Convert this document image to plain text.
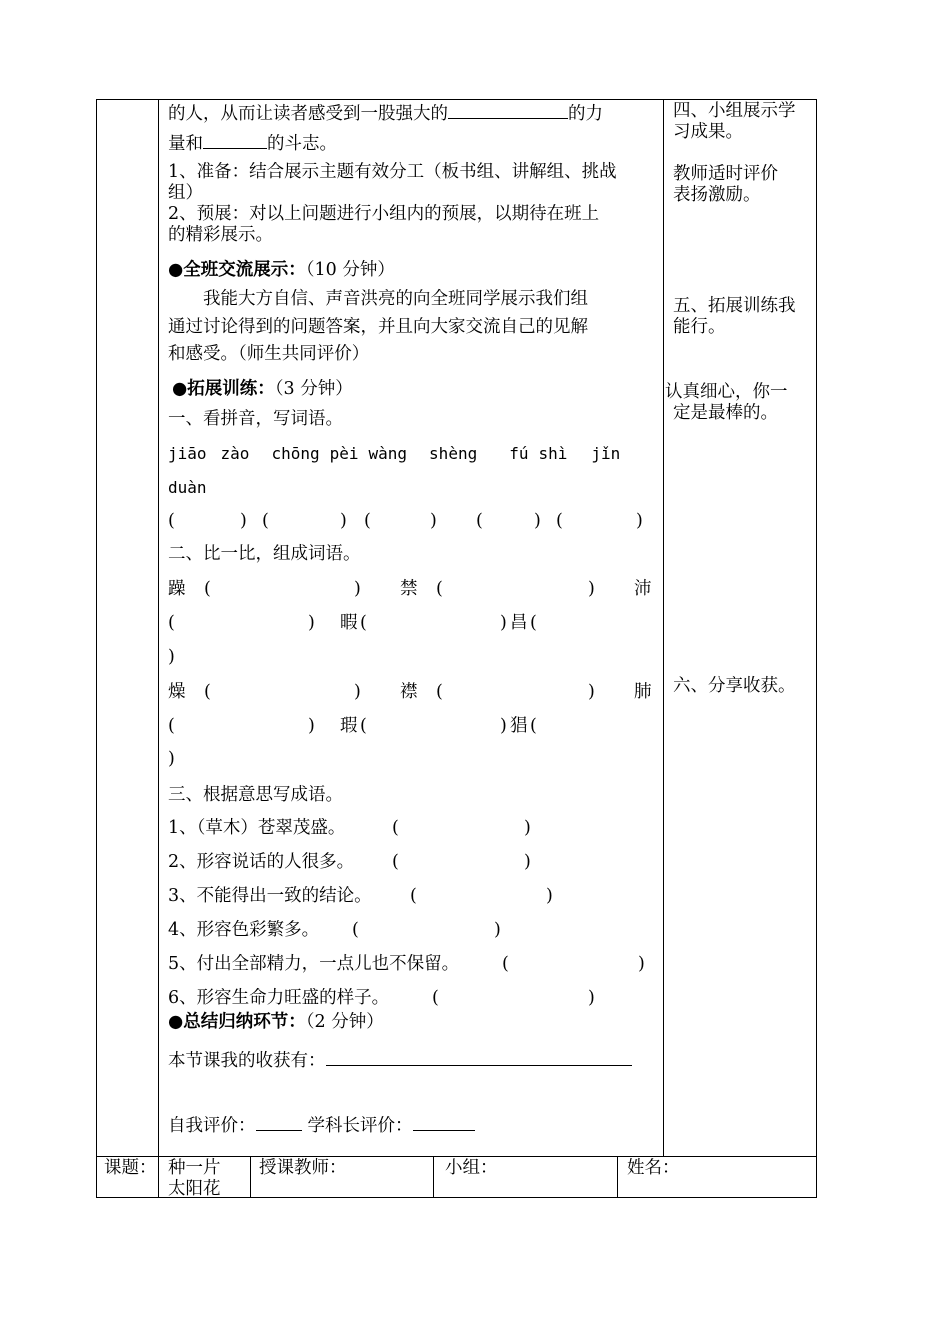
的人，从而让读者感受到一股强大的	的力
量和	的斗志。
1、准备：结合展示主题有效分工（板书组、讲解组、挑战
组）
2、预展：对以上问题进行小组内的预展，以期待在班上
的精彩展示。
●全班交流展示：（10 分钟）
　　我能大方自信、声音洪亮的向全班同学展示我们组
通过讨论得到的问题答案，并且向大家交流自己的见解
和感受。（师生共同评价）
●拓展训练：（3 分钟）
一、看拼音，写词语。
jiāo zào chōng pèi wàng shèng fú shì jǐn
duàn
(	) (	) (	) (	) (	)
二、比一比，组成词语。
躁 (	) 禁 (	) 沛
(	) 暇 (	) 昌 (
)
燥 (	) 襟 (	) 肺
(	) 瑕 (	) 猖 (
)
三、根据意思写成语。
1、（草木）苍翠茂盛。	(	)
2、形容说话的人很多。 (	)
3、不能得出一致的结论。 (	)
4、形容色彩繁多。 (	)
5、付出全部精力，一点儿也不保留。 (	)
6、形容生命力旺盛的样子。 (	)
●总结归纳环节：（2 分钟）
本节课我的收获有：
自我评价：	学科长评价：
四、小组展示学
习成果。
教师适时评价
表扬激励。
五、拓展训练我
能行。
认真细心，你一
定是最棒的。
六、分享收获。
课题： 种一片
太阳花
授课教师：	小组：	姓名：
